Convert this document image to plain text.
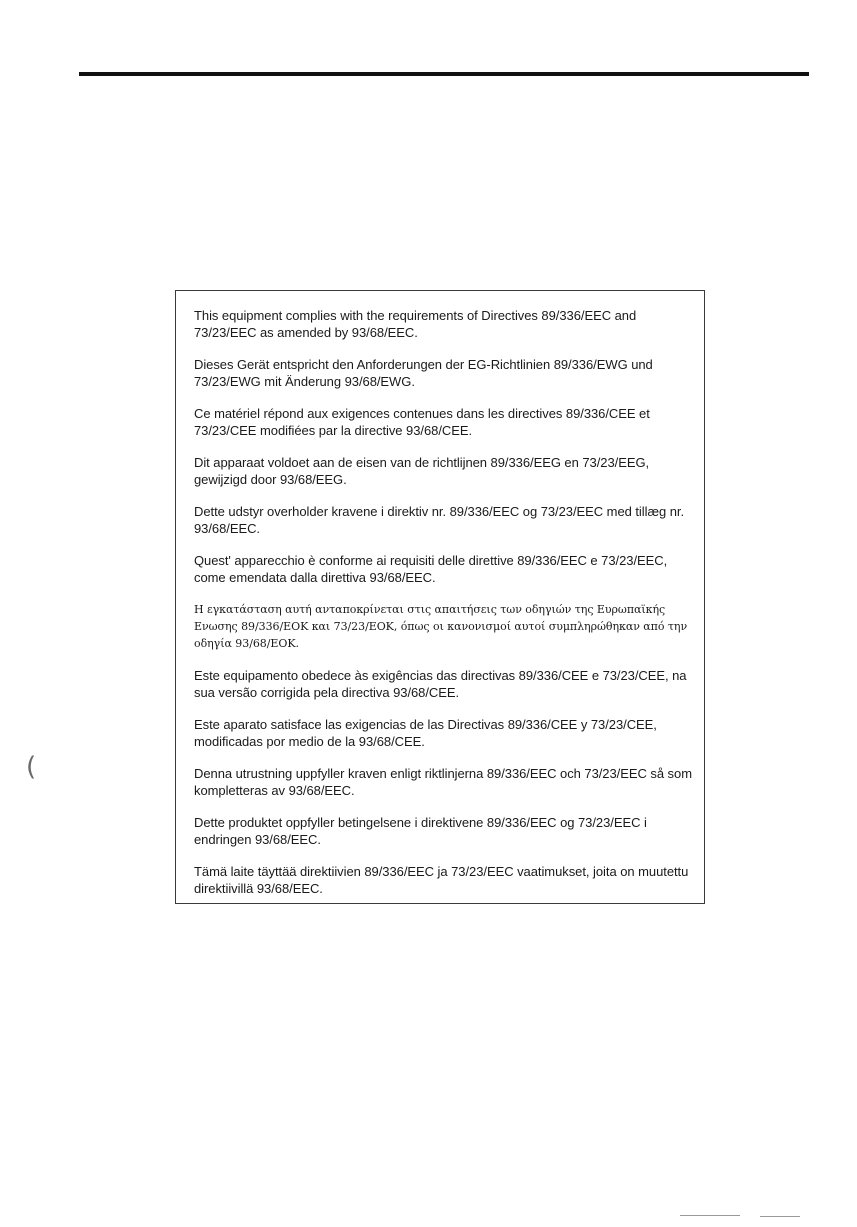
This equipment complies with the requirements of Directives 89/336/EEC and 73/23/EEC as amended by 93/68/EEC.

Dieses Gerät entspricht den Anforderungen der EG-Richtlinien 89/336/EWG und 73/23/EWG mit Änderung 93/68/EWG.

Ce matériel répond aux exigences contenues dans les directives 89/336/CEE et 73/23/CEE modifiées par la directive 93/68/CEE.

Dit apparaat voldoet aan de eisen van de richtlijnen 89/336/EEG en 73/23/EEG, gewijzigd door 93/68/EEG.

Dette udstyr overholder kravene i direktiv nr. 89/336/EEC og 73/23/EEC med tillæg nr. 93/68/EEC.

Quest' apparecchio è conforme ai requisiti delle direttive 89/336/EEC e 73/23/EEC, come emendata dalla direttiva 93/68/EEC.

Η εγκατάσταση αυτή ανταποκρίνεται στις απαιτήσεις των οδηγιών της Ευρωπαϊκής Ενωσης 89/336/EOK και 73/23/EOK, όπως οι κανονισμοί αυτοί συμπληρώθηκαν από την οδηγία 93/68/EOK.

Este equipamento obedece às exigências das directivas 89/336/CEE e 73/23/CEE, na sua versão corrigida pela directiva 93/68/CEE.

Este aparato satisface las exigencias de las Directivas 89/336/CEE y 73/23/CEE, modificadas por medio de la 93/68/CEE.

Denna utrustning uppfyller kraven enligt riktlinjerna 89/336/EEC och 73/23/EEC så som kompletteras av 93/68/EEC.

Dette produktet oppfyller betingelsene i direktivene 89/336/EEC og 73/23/EEC i endringen 93/68/EEC.

Tämä laite täyttää direktiivien 89/336/EEC ja 73/23/EEC vaatimukset, joita on muutettu direktiivillä 93/68/EEC.

(
